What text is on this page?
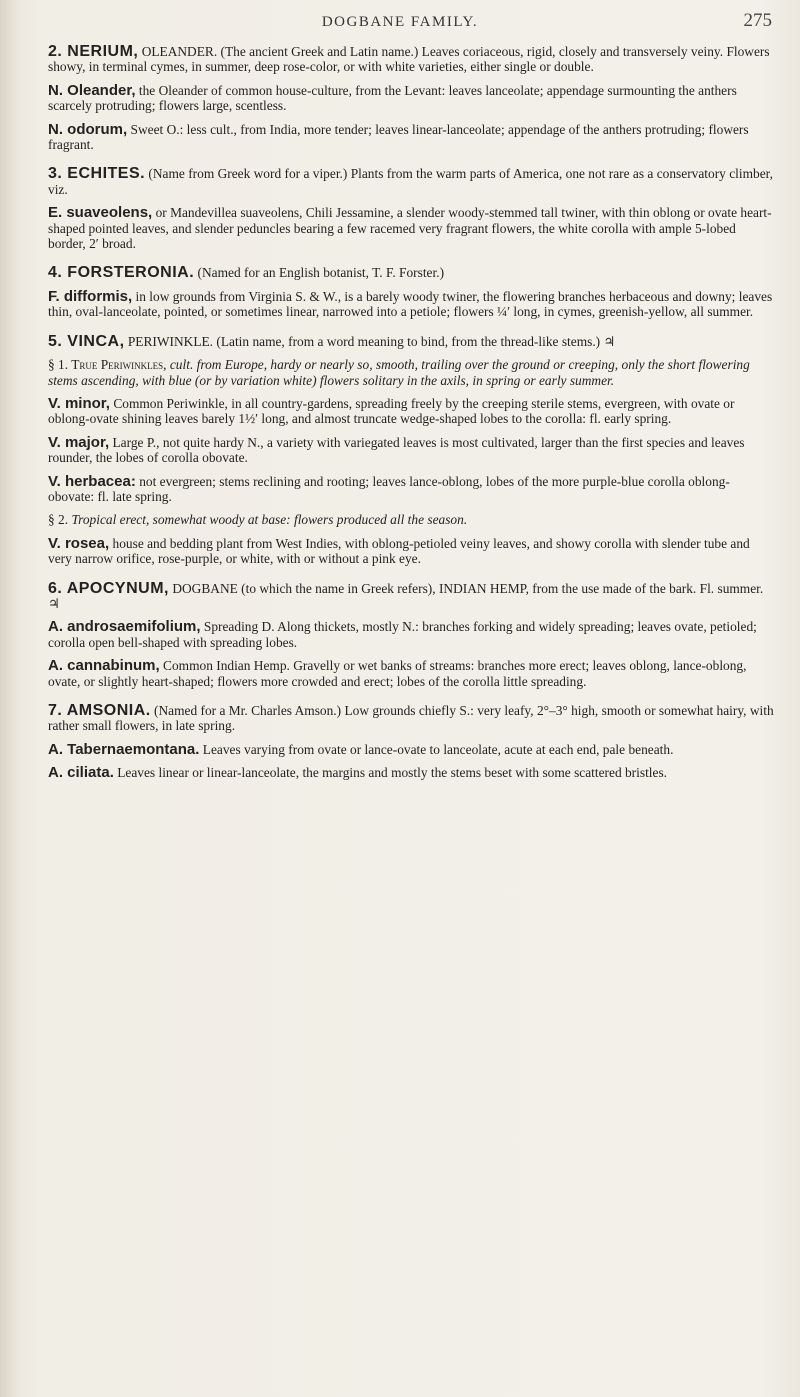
DOGBANE FAMILY.	275

2. NERIUM, OLEANDER. (The ancient Greek and Latin name.) Leaves coriaceous, rigid, closely and transversely veiny. Flowers showy, in terminal cymes, in summer, deep rose-color, or with white varieties, either single or double.

N. Oleander, the Oleander of common house-culture, from the Levant: leaves lanceolate; appendage surmounting the anthers scarcely protruding; flowers large, scentless.

N. odorum, Sweet O.: less cult., from India, more tender; leaves linear-lanceolate; appendage of the anthers protruding; flowers fragrant.

3. ECHITES. (Name from Greek word for a viper.) Plants from the warm parts of America, one not rare as a conservatory climber, viz.

E. suaveolens, or Mandevillea suaveolens, Chili Jessamine, a slender woody-stemmed tall twiner, with thin oblong or ovate heart-shaped pointed leaves, and slender peduncles bearing a few racemed very fragrant flowers, the white corolla with ample 5-lobed border, 2′ broad.

4. FORSTERONIA. (Named for an English botanist, T. F. Forster.)

F. difformis, in low grounds from Virginia S. & W., is a barely woody twiner, the flowering branches herbaceous and downy; leaves thin, oval-lanceolate, pointed, or sometimes linear, narrowed into a petiole; flowers ¼′ long, in cymes, greenish-yellow, all summer.

5. VINCA, PERIWINKLE. (Latin name, from a word meaning to bind, from the thread-like stems.) ♃

§ 1. True Periwinkles, cult. from Europe, hardy or nearly so, smooth, trailing over the ground or creeping, only the short flowering stems ascending, with blue (or by variation white) flowers solitary in the axils, in spring or early summer.

V. minor, Common Periwinkle, in all country-gardens, spreading freely by the creeping sterile stems, evergreen, with ovate or oblong-ovate shining leaves barely 1½′ long, and almost truncate wedge-shaped lobes to the corolla: fl. early spring.

V. major, Large P., not quite hardy N., a variety with variegated leaves is most cultivated, larger than the first species and leaves rounder, the lobes of corolla obovate.

V. herbacea: not evergreen; stems reclining and rooting; leaves lance-oblong, lobes of the more purple-blue corolla oblong-obovate: fl. late spring.

§ 2. Tropical erect, somewhat woody at base: flowers produced all the season.

V. rosea, house and bedding plant from West Indies, with oblong-petioled veiny leaves, and showy corolla with slender tube and very narrow orifice, rose-purple, or white, with or without a pink eye.

6. APOCYNUM, DOGBANE (to which the name in Greek refers), INDIAN HEMP, from the use made of the bark. Fl. summer. ♃

A. androsaemifolium, Spreading D. Along thickets, mostly N.: branches forking and widely spreading; leaves ovate, petioled; corolla open bell-shaped with spreading lobes.

A. cannabinum, Common Indian Hemp. Gravelly or wet banks of streams: branches more erect; leaves oblong, lance-oblong, ovate, or slightly heart-shaped; flowers more crowded and erect; lobes of the corolla little spreading.

7. AMSONIA. (Named for a Mr. Charles Amson.) Low grounds chiefly S.: very leafy, 2°–3° high, smooth or somewhat hairy, with rather small flowers, in late spring.

A. Tabernaemontana. Leaves varying from ovate or lance-ovate to lanceolate, acute at each end, pale beneath.

A. ciliata. Leaves linear or linear-lanceolate, the margins and mostly the stems beset with some scattered bristles.
